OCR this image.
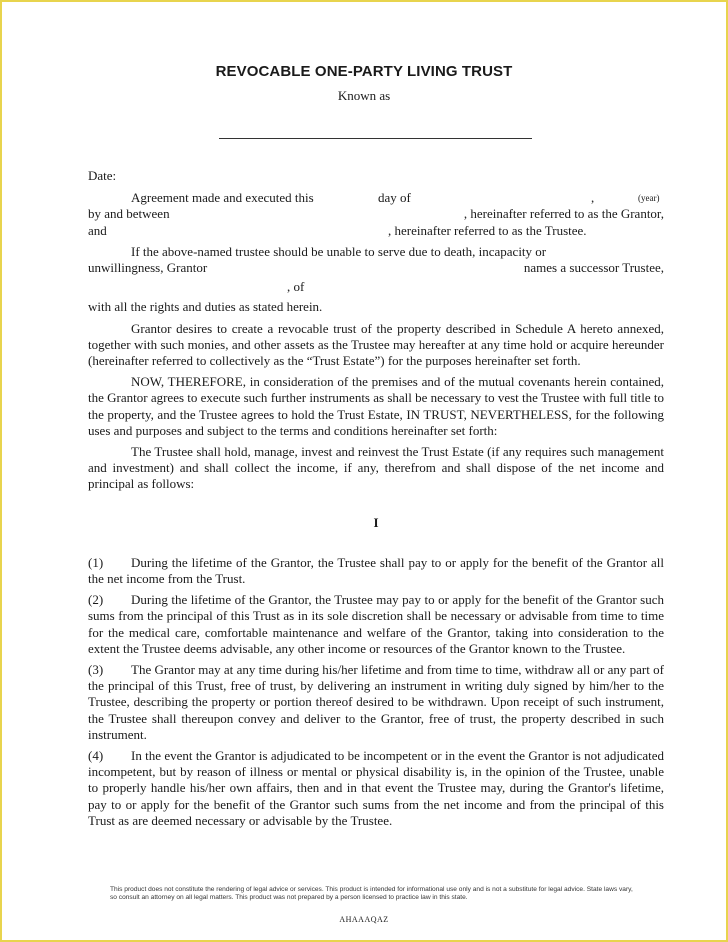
REVOCABLE ONE-PARTY LIVING TRUST
Known as
Date:
Agreement made and executed this	day of	,	(year)
by and between	, hereinafter referred to as the Grantor,
and	, hereinafter referred to as the Trustee.

If the above-named trustee should be unable to serve due to death, incapacity or

unwillingness, Grantor	names a successor Trustee,
, of
with all the rights and duties as stated herein.

Grantor desires to create a revocable trust of the property described in Schedule A hereto annexed, together with such monies, and other assets as the Trustee may hereafter at any time hold or acquire hereunder (hereinafter referred to collectively as the “Trust Estate”) for the purposes hereinafter set forth.

NOW, THEREFORE, in consideration of the premises and of the mutual covenants herein contained, the Grantor agrees to execute such further instruments as shall be necessary to vest the Trustee with full title to the property, and the Trustee agrees to hold the Trust Estate, IN TRUST, NEVERTHELESS, for the following uses and purposes and subject to the terms and conditions hereinafter set forth:

The Trustee shall hold, manage, invest and reinvest the Trust Estate (if any requires such management and investment) and shall collect the income, if any, therefrom and shall dispose of the net income and principal as follows:

I

(1) During the lifetime of the Grantor, the Trustee shall pay to or apply for the benefit of the Grantor all the net income from the Trust.

(2) During the lifetime of the Grantor, the Trustee may pay to or apply for the benefit of the Grantor such sums from the principal of this Trust as in its sole discretion shall be necessary or advisable from time to time for the medical care, comfortable maintenance and welfare of the Grantor, taking into consideration to the extent the Trustee deems advisable, any other income or resources of the Grantor known to the Trustee.

(3) The Grantor may at any time during his/her lifetime and from time to time, withdraw all or any part of the principal of this Trust, free of trust, by delivering an instrument in writing duly signed by him/her to the Trustee, describing the property or portion thereof desired to be withdrawn. Upon receipt of such instrument, the Trustee shall thereupon convey and deliver to the Grantor, free of trust, the property described in such instrument.

(4) In the event the Grantor is adjudicated to be incompetent or in the event the Grantor is not adjudicated incompetent, but by reason of illness or mental or physical disability is, in the opinion of the Trustee, unable to properly handle his/her own affairs, then and in that event the Trustee may, during the Grantor's lifetime, pay to or apply for the benefit of the Grantor such sums from the net income and from the principal of this Trust as are deemed necessary or advisable by the Trustee.

This product does not constitute the rendering of legal advice or services. This product is intended for informational use only and is not a substitute for legal advice. State laws vary, so consult an attorney on all legal matters. This product was not prepared by a person licensed to practice law in this state.
AHAAAQAZ
